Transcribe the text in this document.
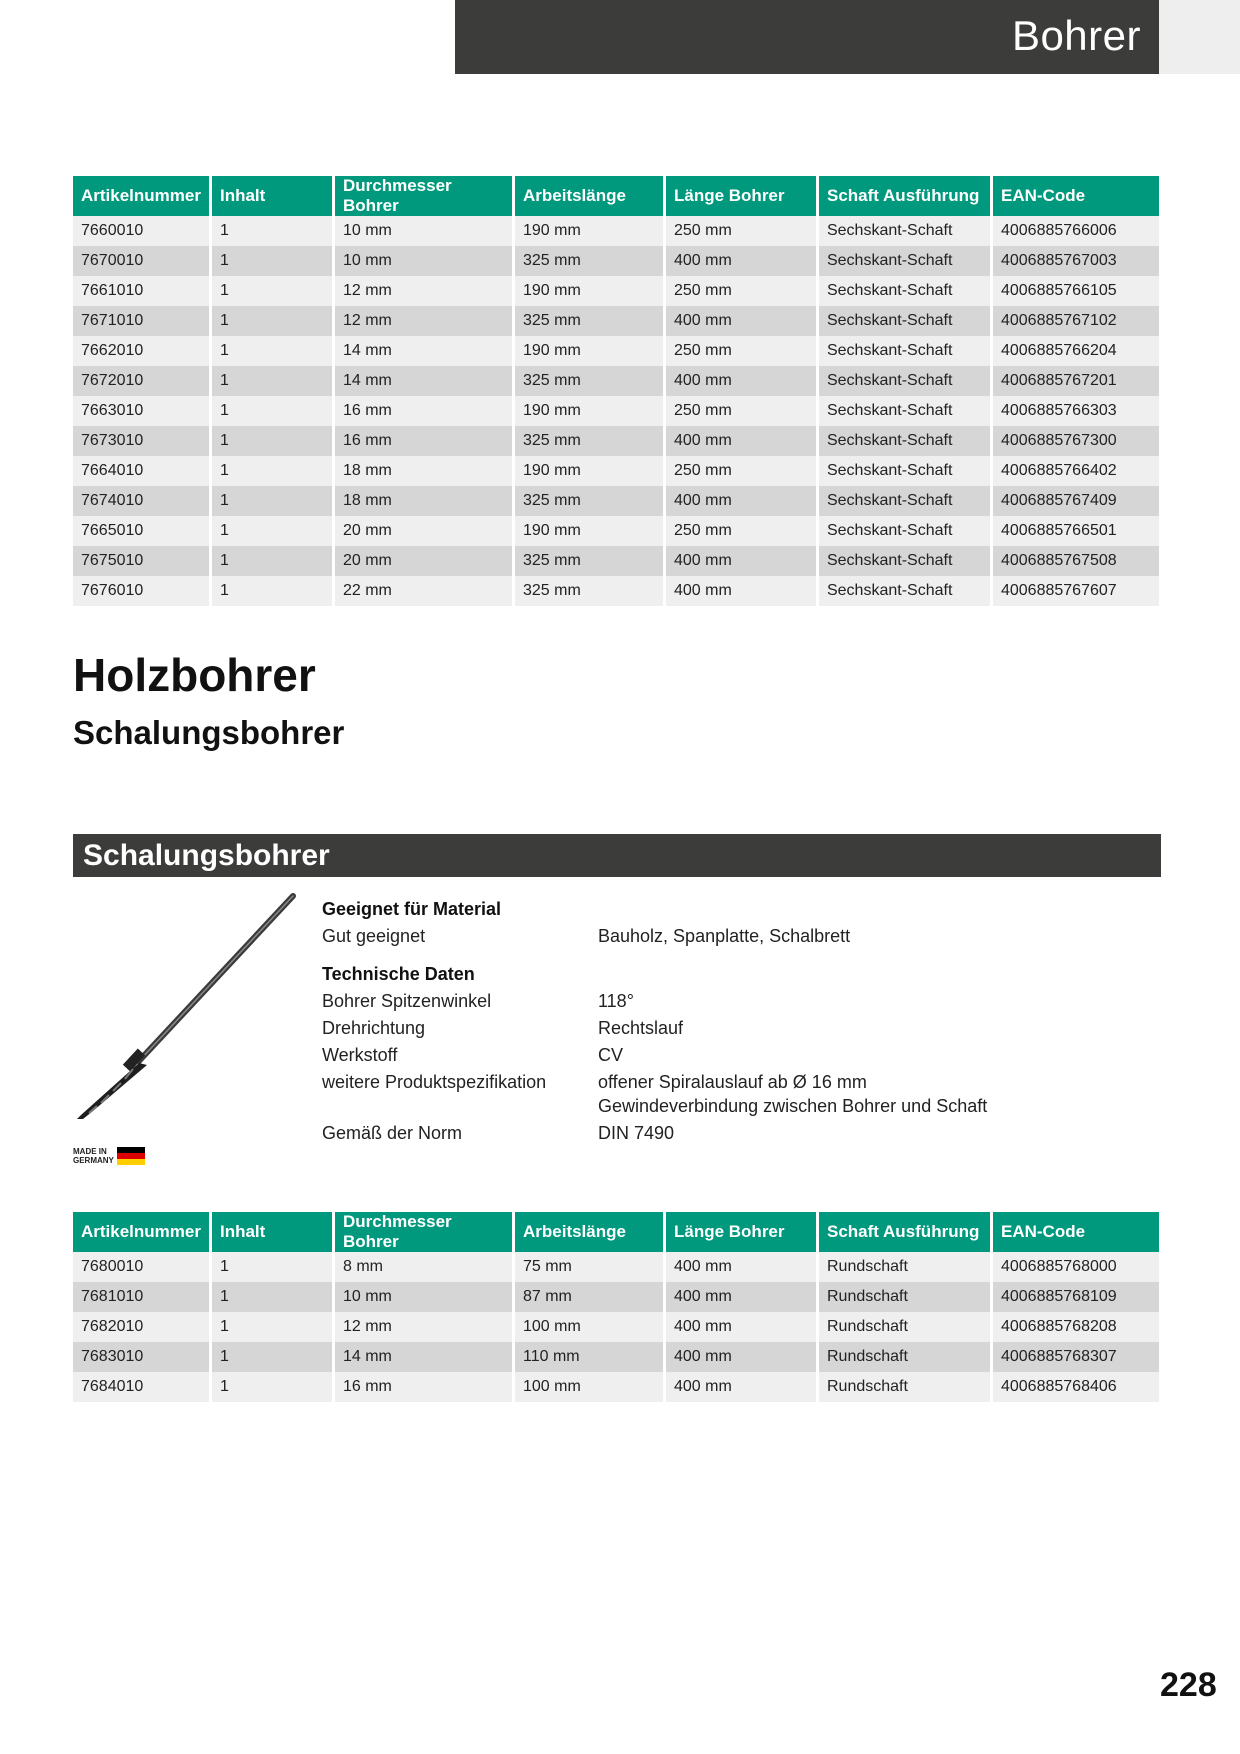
Bohrer
Artikelnummer	Inhalt	Durchmesser Bohrer	Arbeitslänge	Länge Bohrer	Schaft Ausführung	EAN-Code
7660010	1	10 mm	190 mm	250 mm	Sechskant-Schaft	4006885766006
7670010	1	10 mm	325 mm	400 mm	Sechskant-Schaft	4006885767003
7661010	1	12 mm	190 mm	250 mm	Sechskant-Schaft	4006885766105
7671010	1	12 mm	325 mm	400 mm	Sechskant-Schaft	4006885767102
7662010	1	14 mm	190 mm	250 mm	Sechskant-Schaft	4006885766204
7672010	1	14 mm	325 mm	400 mm	Sechskant-Schaft	4006885767201
7663010	1	16 mm	190 mm	250 mm	Sechskant-Schaft	4006885766303
7673010	1	16 mm	325 mm	400 mm	Sechskant-Schaft	4006885767300
7664010	1	18 mm	190 mm	250 mm	Sechskant-Schaft	4006885766402
7674010	1	18 mm	325 mm	400 mm	Sechskant-Schaft	4006885767409
7665010	1	20 mm	190 mm	250 mm	Sechskant-Schaft	4006885766501
7675010	1	20 mm	325 mm	400 mm	Sechskant-Schaft	4006885767508
7676010	1	22 mm	325 mm	400 mm	Sechskant-Schaft	4006885767607
Holzbohrer
Schalungsbohrer
Schalungsbohrer
MADE IN
GERMANY
Geeignet für Material
Gut geeignet	Bauholz, Spanplatte, Schalbrett
Technische Daten
Bohrer Spitzenwinkel	118°
Drehrichtung	Rechtslauf
Werkstoff	CV
weitere Produktspezifikation	offener Spiralauslauf ab Ø 16 mm
Gewindeverbindung zwischen Bohrer und Schaft
Gemäß der Norm	DIN 7490
Artikelnummer	Inhalt	Durchmesser Bohrer	Arbeitslänge	Länge Bohrer	Schaft Ausführung	EAN-Code
7680010	1	8 mm	75 mm	400 mm	Rundschaft	4006885768000
7681010	1	10 mm	87 mm	400 mm	Rundschaft	4006885768109
7682010	1	12 mm	100 mm	400 mm	Rundschaft	4006885768208
7683010	1	14 mm	110 mm	400 mm	Rundschaft	4006885768307
7684010	1	16 mm	100 mm	400 mm	Rundschaft	4006885768406
228
